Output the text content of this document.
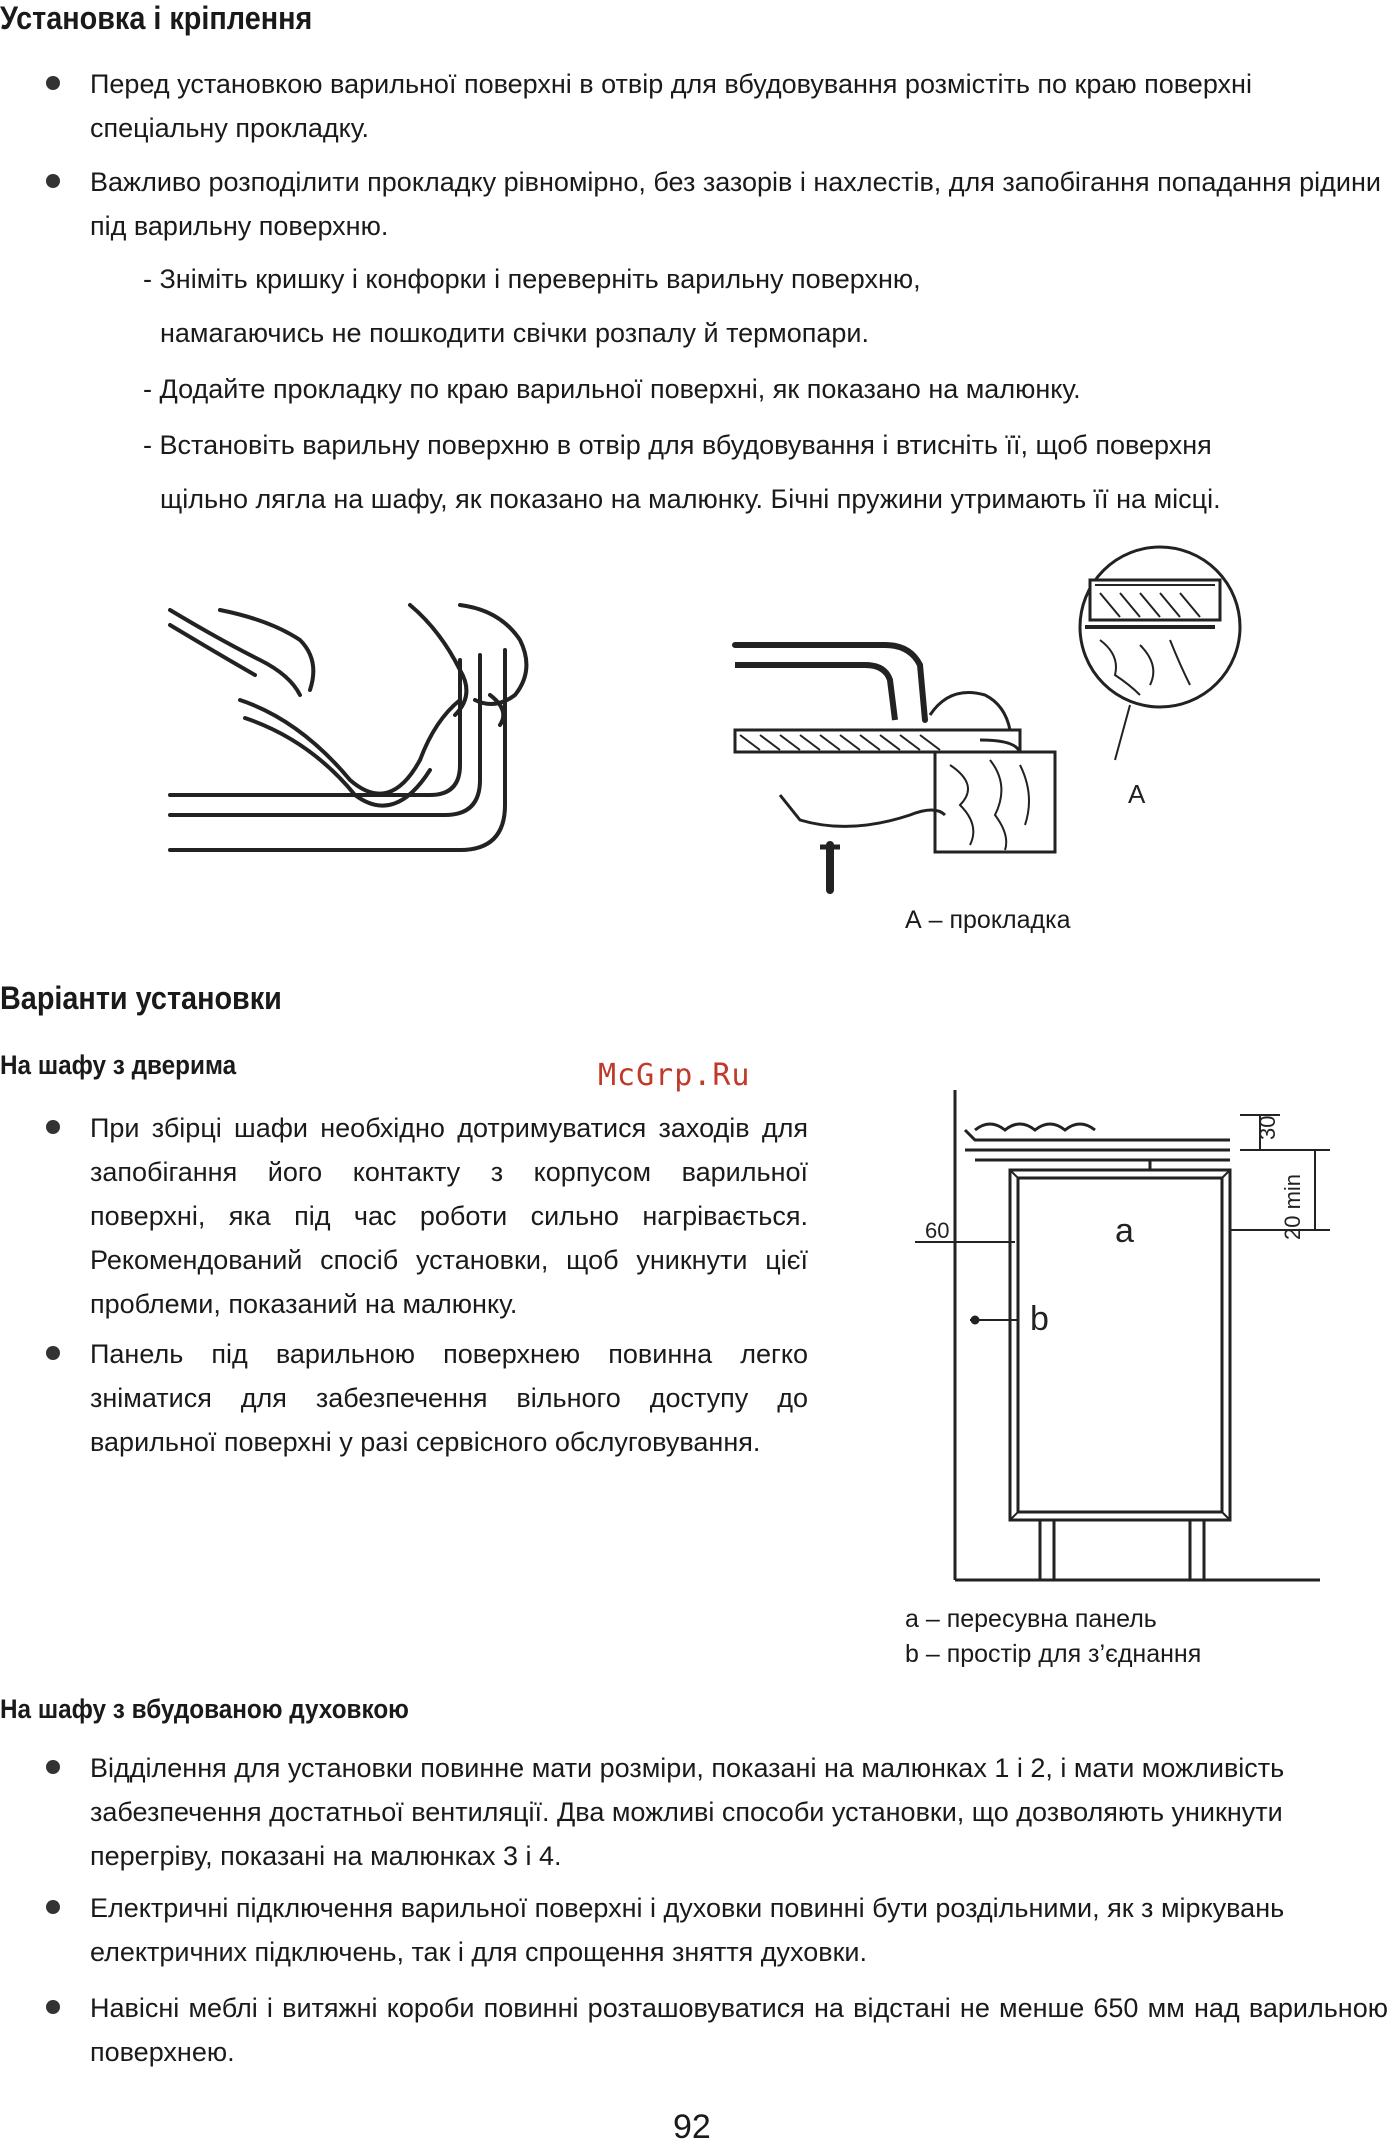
Установка і кріплення
Перед установкою варильної поверхні в отвір для вбудовування розмістіть по краю поверхні спеціальну прокладку.
Важливо розподілити прокладку рівномірно, без зазорів і нахлестів, для запобігання попадання рідини під варильну поверхню.
- Зніміть кришку і конфорки і переверніть варильну поверхню,
намагаючись не пошкодити свічки розпалу й термопари.
- Додайте прокладку по краю варильної поверхні, як показано на малюнку.
- Встановіть варильну поверхню в отвір для вбудовування і втисніть її, щоб поверхня
щільно лягла на шафу, як показано на малюнку. Бічні пружини утримають її на місці.
A
А – прокладка
Варіанти установки
На шафу з дверима	McGrp.Ru
При збірці шафи необхідно дотримуватися заходів для запобігання його контакту з корпусом варильної поверхні, яка під час роботи сильно нагрівається. Рекомендований спосіб установки, щоб уникнути цієї проблеми, показаний на малюнку.
Панель під варильною поверхнею повинна легко зніматися для забезпечення вільного доступу до варильної поверхні у разі сервісного обслуговування.
30
20 min
60	a
b
a – пересувна панель
b – простір для з’єднання
На шафу з вбудованою духовкою
Відділення для установки повинне мати розміри, показані на малюнках 1 і 2, і мати можливість забезпечення достатньої вентиляції. Два можливі способи установки, що дозволяють уникнути перегріву, показані на малюнках 3 і 4.
Електричні підключення варильної поверхні і духовки повинні бути роздільними, як з міркувань електричних підключень, так і для спрощення зняття духовки.
Навісні меблі і витяжні короби повинні розташовуватися на відстані не менше 650 мм над варильною поверхнею.
92
